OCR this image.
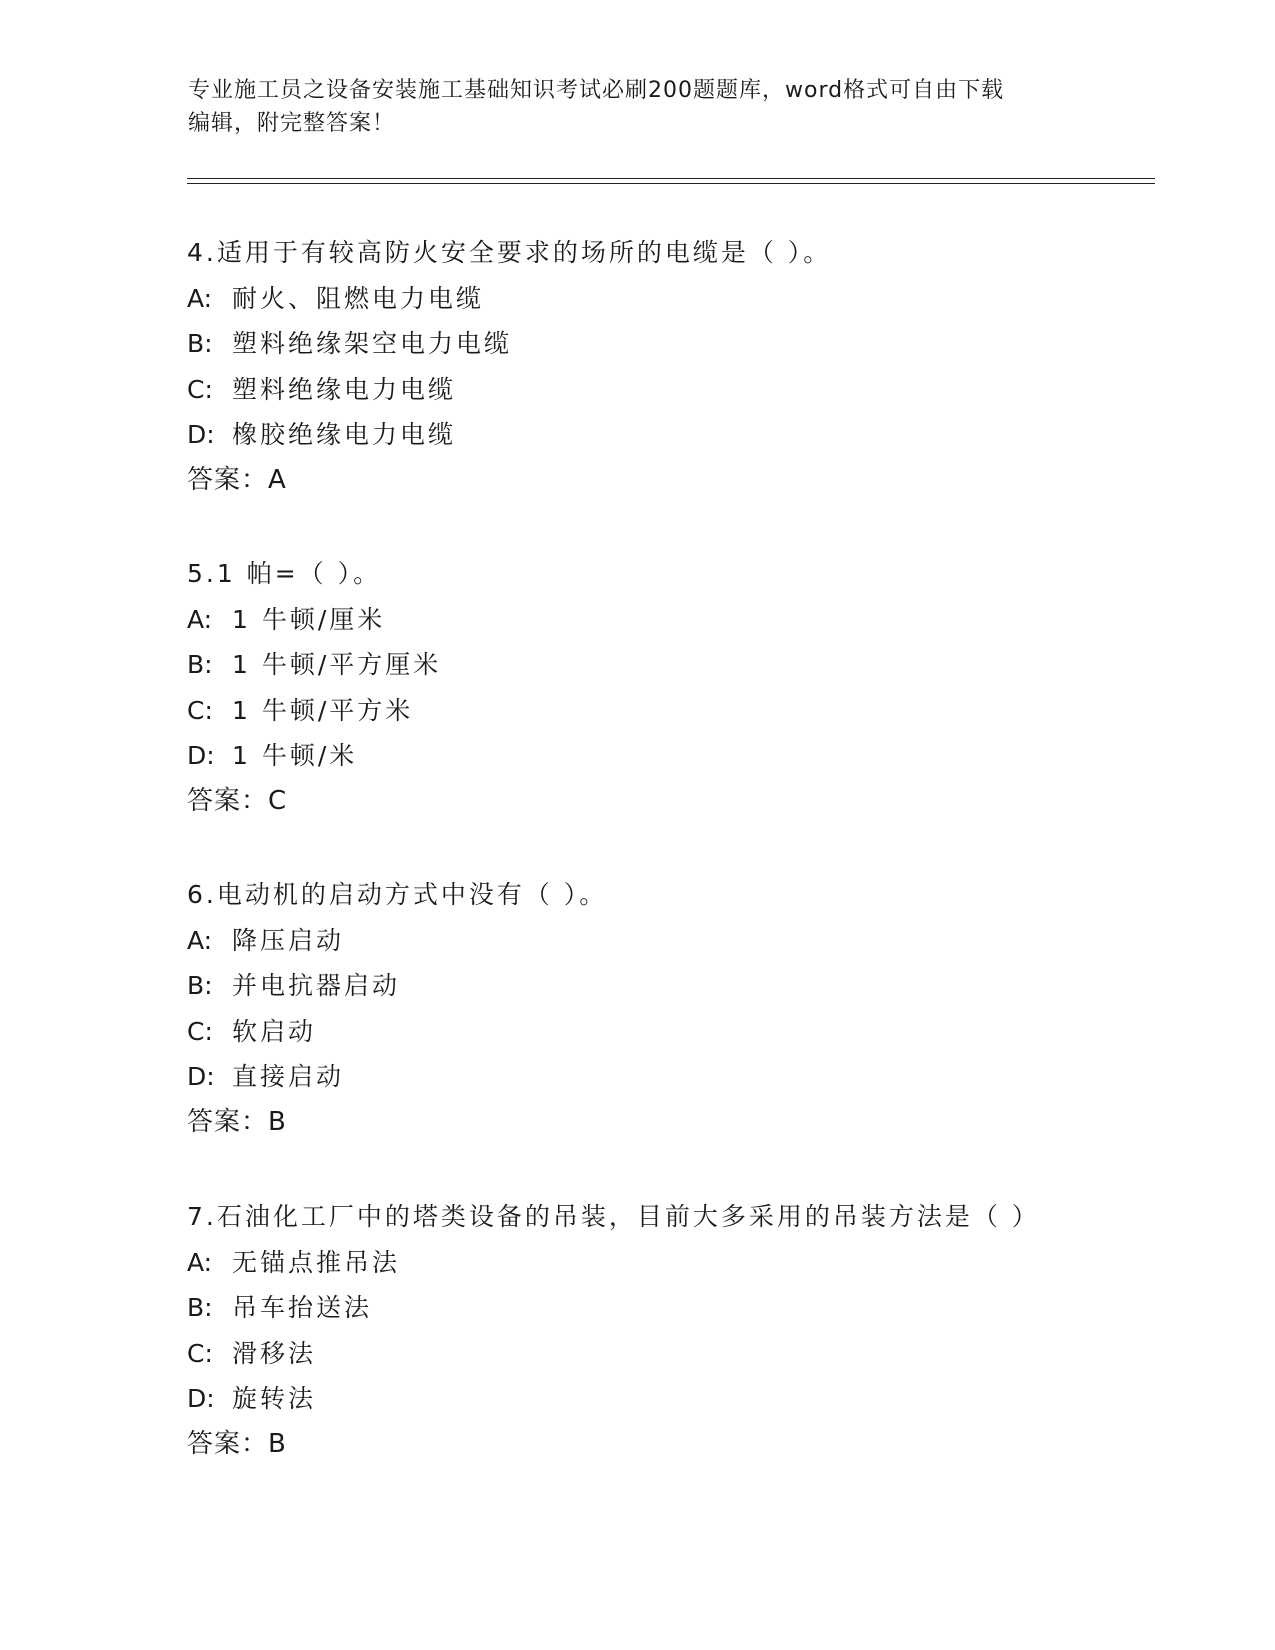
专业施工员之设备安装施工基础知识考试必刷200题题库，word格式可自由下载
编辑，附完整答案！
4.适用于有较高防火安全要求的场所的电缆是（ ）。
A: 耐火、阻燃电力电缆
B: 塑料绝缘架空电力电缆
C: 塑料绝缘电力电缆
D: 橡胶绝缘电力电缆
答案：A
5.1 帕=（ ）。
A: 1 牛顿/厘米
B: 1 牛顿/平方厘米
C: 1 牛顿/平方米
D: 1 牛顿/米
答案：C
6.电动机的启动方式中没有（ ）。
A: 降压启动
B: 并电抗器启动
C: 软启动
D: 直接启动
答案：B
7.石油化工厂中的塔类设备的吊装，目前大多采用的吊装方法是（ ）
A: 无锚点推吊法
B: 吊车抬送法
C: 滑移法
D: 旋转法
答案：B
